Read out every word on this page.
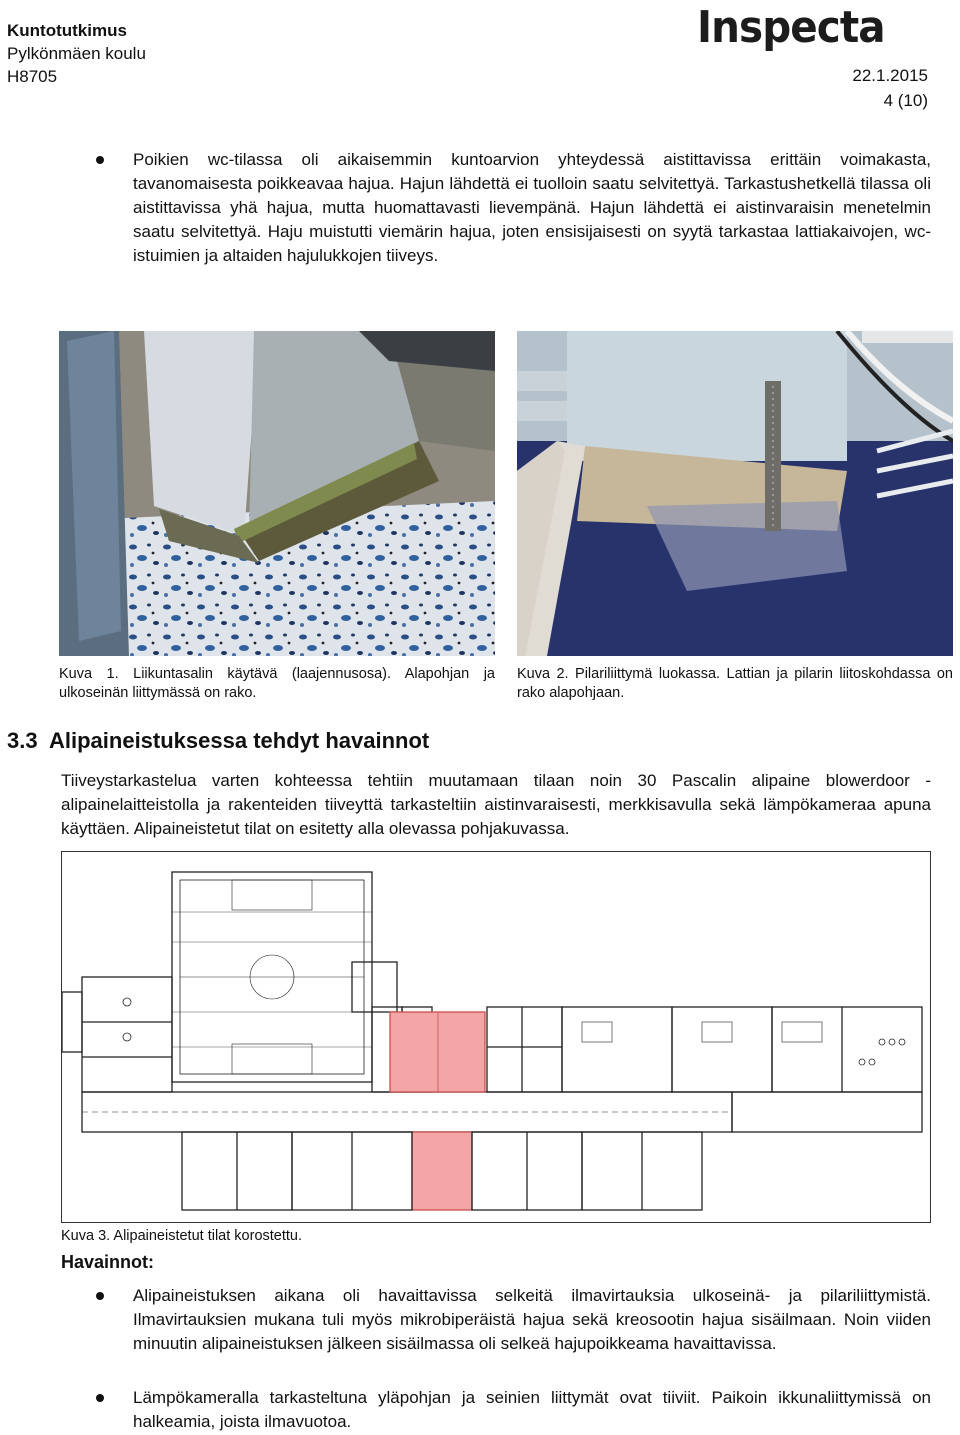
Kuntotutkimus
Pylkönmäen koulu
H8705
Inspecta
22.1.2015
4 (10)
Poikien wc-tilassa oli aikaisemmin kuntoarvion yhteydessä aistittavissa erittäin voimakasta, tavanomaisesta poikkeavaa hajua. Hajun lähdettä ei tuolloin saatu selvitettyä. Tarkastushetkellä tilassa oli aistittavissa yhä hajua, mutta huomattavasti lievempänä. Hajun lähdettä ei aistinvaraisin menetelmin saatu selvitettyä. Haju muistutti viemärin hajua, joten ensisijaisesti on syytä tarkastaa lattiakaivojen, wc-istuimien ja altaiden hajulukkojen tiiveys.
Kuva 1. Liikuntasalin käytävä (laajennusosa). Alapohjan ja ulkoseinän liittymässä on rako.
Kuva 2. Pilariliittymä luokassa. Lattian ja pilarin liitoskohdassa on rako alapohjaan.
3.3  Alipaineistuksessa tehdyt havainnot
Tiiveystarkastelua varten kohteessa tehtiin muutamaan tilaan noin 30 Pascalin alipaine blowerdoor -alipainelaitteistolla ja rakenteiden tiiveyttä tarkasteltiin aistinvaraisesti, merkkisavulla sekä lämpökameraa apuna käyttäen. Alipaineistetut tilat on esitetty alla olevassa pohjakuvassa.
Kuva 3. Alipaineistetut tilat korostettu.
Havainnot:
Alipaineistuksen aikana oli havaittavissa selkeitä ilmavirtauksia ulkoseinä- ja pilariliittymistä. Ilmavirtauksien mukana tuli myös mikrobiperäistä hajua sekä kreosootin hajua sisäilmaan. Noin viiden minuutin alipaineistuksen jälkeen sisäilmassa oli selkeä hajupoikkeama havaittavissa.
Lämpökameralla tarkasteltuna yläpohjan ja seinien liittymät ovat tiiviit. Paikoin ikkunaliittymissä on halkeamia, joista ilmavuotoa.
